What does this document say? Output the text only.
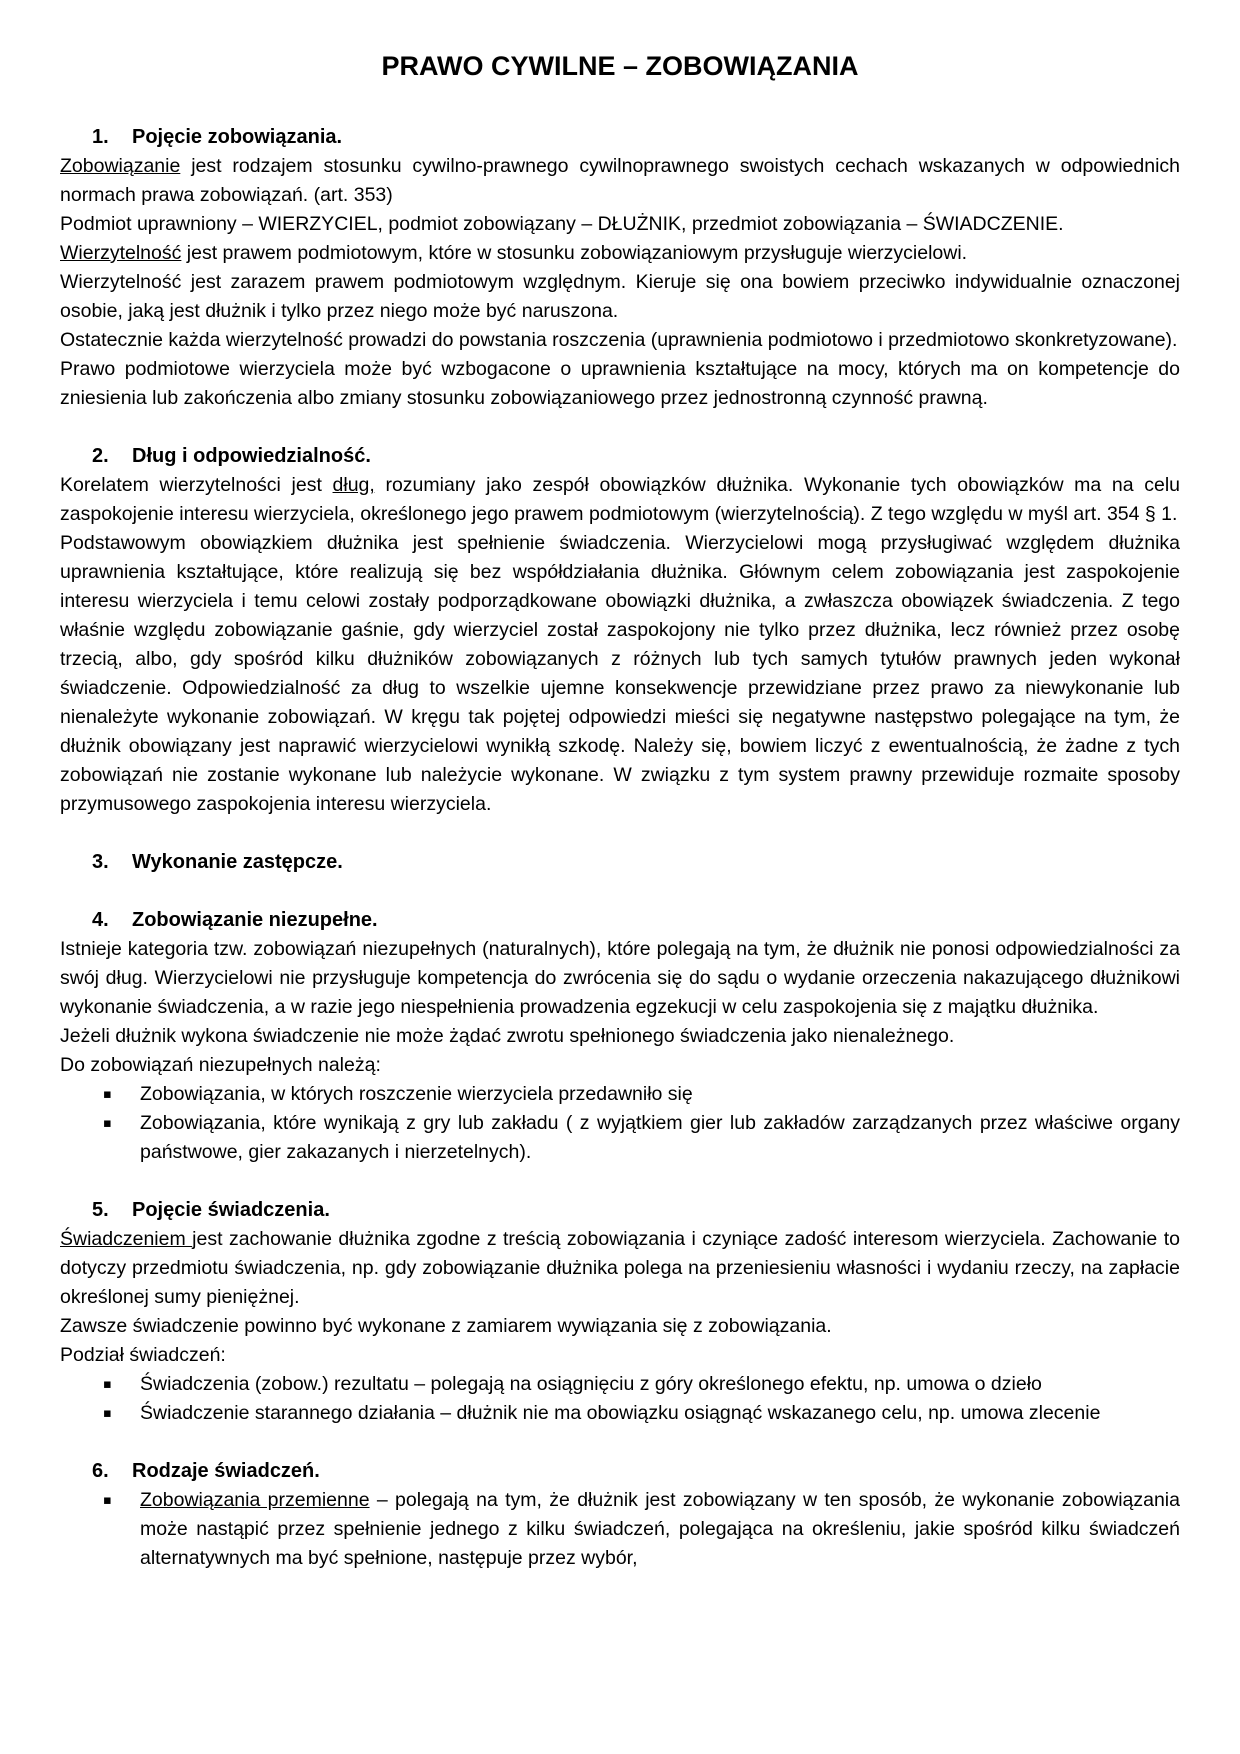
PRAWO CYWILNE – ZOBOWIĄZANIA
1. Pojęcie zobowiązania.

Zobowiązanie jest rodzajem stosunku cywilno-prawnego cywilnoprawnego swoistych cechach wskazanych w odpowiednich normach prawa zobowiązań. (art. 353)

Podmiot uprawniony – WIERZYCIEL, podmiot zobowiązany – DŁUŻNIK, przedmiot zobowiązania – ŚWIADCZENIE.

Wierzytelność jest prawem podmiotowym, które w stosunku zobowiązaniowym przysługuje wierzycielowi.

Wierzytelność jest zarazem prawem podmiotowym względnym. Kieruje się ona bowiem przeciwko indywidualnie oznaczonej osobie, jaką jest dłużnik i tylko przez niego może być naruszona.

Ostatecznie każda wierzytelność prowadzi do powstania roszczenia (uprawnienia podmiotowo i przedmiotowo skonkretyzowane).

Prawo podmiotowe wierzyciela może być wzbogacone o uprawnienia kształtujące na mocy, których ma on kompetencje do zniesienia lub zakończenia albo zmiany stosunku zobowiązaniowego przez jednostronną czynność prawną.

2. Dług i odpowiedzialność.

Korelatem wierzytelności jest dług, rozumiany jako zespół obowiązków dłużnika. Wykonanie tych obowiązków ma na celu zaspokojenie interesu wierzyciela, określonego jego prawem podmiotowym (wierzytelnością). Z tego względu w myśl art. 354 § 1.

Podstawowym obowiązkiem dłużnika jest spełnienie świadczenia. Wierzycielowi mogą przysługiwać względem dłużnika uprawnienia kształtujące, które realizują się bez współdziałania dłużnika. Głównym celem zobowiązania jest zaspokojenie interesu wierzyciela i temu celowi zostały podporządkowane obowiązki dłużnika, a zwłaszcza obowiązek świadczenia. Z tego właśnie względu zobowiązanie gaśnie, gdy wierzyciel został zaspokojony nie tylko przez dłużnika, lecz również przez osobę trzecią, albo, gdy spośród kilku dłużników zobowiązanych z różnych lub tych samych tytułów prawnych jeden wykonał świadczenie. Odpowiedzialność za dług to wszelkie ujemne konsekwencje przewidziane przez prawo za niewykonanie lub nienależyte wykonanie zobowiązań. W kręgu tak pojętej odpowiedzi mieści się negatywne następstwo polegające na tym, że dłużnik obowiązany jest naprawić wierzycielowi wynikłą szkodę. Należy się, bowiem liczyć z ewentualnością, że żadne z tych zobowiązań nie zostanie wykonane lub należycie wykonane. W związku z tym system prawny przewiduje rozmaite sposoby przymusowego zaspokojenia interesu wierzyciela.

3. Wykonanie zastępcze.
4. Zobowiązanie niezupełne.

Istnieje kategoria tzw. zobowiązań niezupełnych (naturalnych), które polegają na tym, że dłużnik nie ponosi odpowiedzialności za swój dług. Wierzycielowi nie przysługuje kompetencja do zwrócenia się do sądu o wydanie orzeczenia nakazującego dłużnikowi wykonanie świadczenia, a w razie jego niespełnienia prowadzenia egzekucji w celu zaspokojenia się z majątku dłużnika.

Jeżeli dłużnik wykona świadczenie nie może żądać zwrotu spełnionego świadczenia jako nienależnego.

Do zobowiązań niezupełnych należą:

▪ Zobowiązania, w których roszczenie wierzyciela przedawniło się
▪ Zobowiązania, które wynikają z gry lub zakładu ( z wyjątkiem gier lub zakładów zarządzanych przez właściwe organy państwowe, gier zakazanych i nierzetelnych).
5. Pojęcie świadczenia.

Świadczeniem jest zachowanie dłużnika zgodne z treścią zobowiązania i czyniące zadość interesom wierzyciela. Zachowanie to dotyczy przedmiotu świadczenia, np. gdy zobowiązanie dłużnika polega na przeniesieniu własności i wydaniu rzeczy, na zapłacie określonej sumy pieniężnej.

Zawsze świadczenie powinno być wykonane z zamiarem wywiązania się z zobowiązania.

Podział świadczeń:

▪ Świadczenia (zobow.) rezultatu – polegają na osiągnięciu z góry określonego efektu, np. umowa o dzieło
▪ Świadczenie starannego działania – dłużnik nie ma obowiązku osiągnąć wskazanego celu, np. umowa zlecenie
6. Rodzaje świadczeń.
▪ Zobowiązania przemienne – polegają na tym, że dłużnik jest zobowiązany w ten sposób, że wykonanie zobowiązania może nastąpić przez spełnienie jednego z kilku świadczeń, polegająca na określeniu, jakie spośród kilku świadczeń alternatywnych ma być spełnione, następuje przez wybór,
